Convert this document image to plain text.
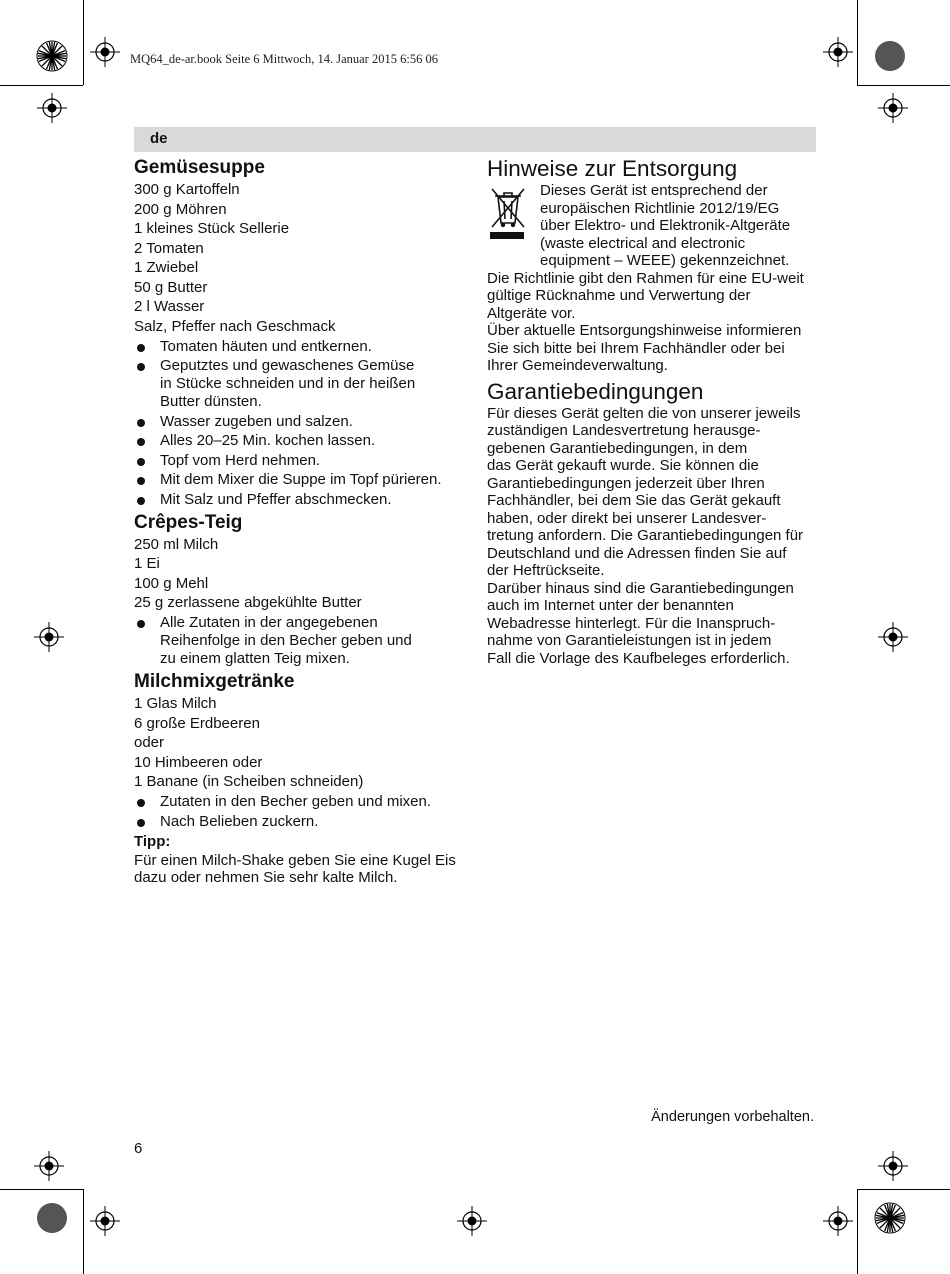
MQ64_de-ar.book Seite 6 Mittwoch, 14. Januar 2015 6:56 06
de

Gemüsesuppe

300 g Kartoffeln

200 g Möhren

1 kleines Stück Sellerie

2 Tomaten

1 Zwiebel

50 g Butter

2 l Wasser

Salz, Pfeffer nach Geschmack

Tomaten häuten und entkernen.
Geputztes und gewaschenes Gemüse
in Stücke schneiden und in der heißen
Butter dünsten.
Wasser zugeben und salzen.
Alles 20–25 Min. kochen lassen.
Topf vom Herd nehmen.
Mit dem Mixer die Suppe im Topf pürieren.
Mit Salz und Pfeffer abschmecken.

Crêpes-Teig

250 ml Milch

1 Ei

100 g Mehl

25 g zerlassene abgekühlte Butter

Alle Zutaten in der angegebenen
Reihenfolge in den Becher geben und
zu einem glatten Teig mixen.

Milchmixgetränke

1 Glas Milch

6 große Erdbeeren

oder

10 Himbeeren oder

1 Banane (in Scheiben schneiden)

Zutaten in den Becher geben und mixen.
Nach Belieben zuckern.

Tipp:

Für einen Milch-Shake geben Sie eine Kugel Eis
dazu oder nehmen Sie sehr kalte Milch.

Hinweise zur Entsorgung

Dieses Gerät ist entsprechend der
europäischen Richtlinie 2012/19/EG
über Elektro- und Elektronik-Altgeräte
(waste electrical and electronic
equipment – WEEE) gekennzeichnet.
Die Richtlinie gibt den Rahmen für eine EU-weit
gültige Rücknahme und Verwertung der
Altgeräte vor.
Über aktuelle Entsorgungshinweise informieren
Sie sich bitte bei Ihrem Fachhändler oder bei
Ihrer Gemeindeverwaltung.

Garantiebedingungen

Für dieses Gerät gelten die von unserer jeweils
zuständigen Landesvertretung herausge-
gebenen Garantiebedingungen, in dem
das Gerät gekauft wurde. Sie können die
Garantiebedingungen jederzeit über Ihren
Fachhändler, bei dem Sie das Gerät gekauft
haben, oder direkt bei unserer Landesver-
tretung anfordern. Die Garantiebedingungen für
Deutschland und die Adressen finden Sie auf
der Heftrückseite.
Darüber hinaus sind die Garantiebedingungen
auch im Internet unter der benannten
Webadresse hinterlegt. Für die Inanspruch-
nahme von Garantieleistungen ist in jedem
Fall die Vorlage des Kaufbeleges erforderlich.
Änderungen vorbehalten.
6
